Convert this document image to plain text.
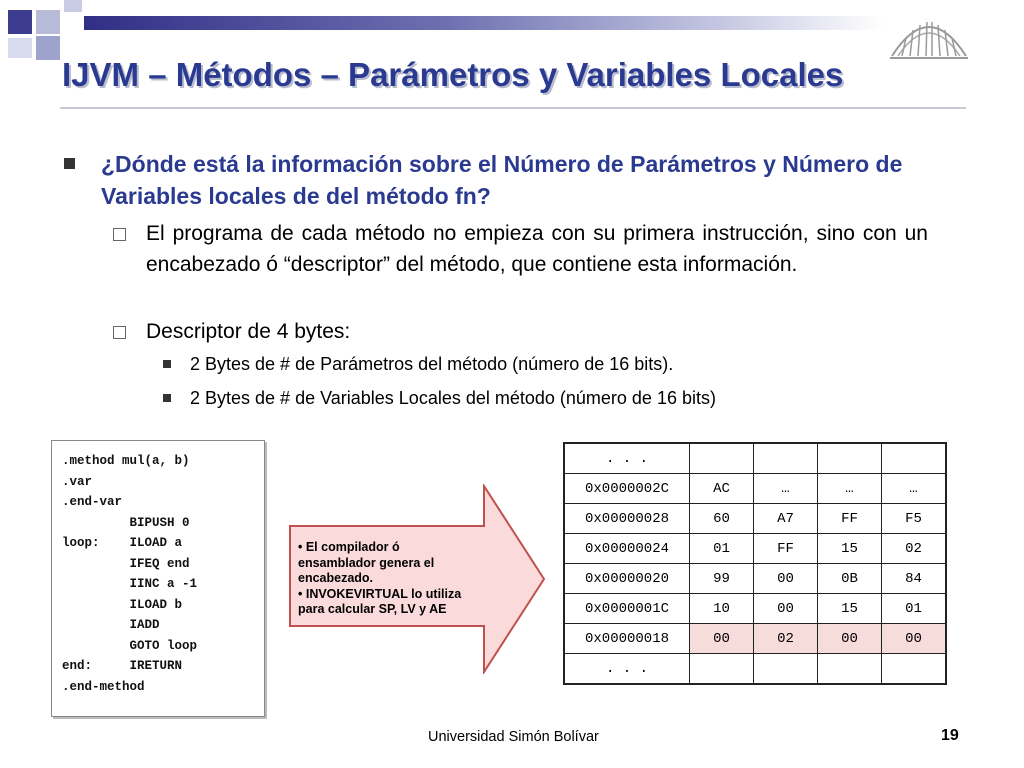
IJVM – Métodos – Parámetros y Variables Locales
¿Dónde está la información sobre el Número de Parámetros y Número de Variables locales de del método fn?
El programa de cada método no empieza con su primera instrucción, sino con un encabezado ó “descriptor” del método, que contiene esta información.
Descriptor de 4 bytes:
2 Bytes de # de Parámetros del método (número de 16 bits).
2 Bytes de # de Variables Locales del método (número de 16 bits)
.method mul(a, b)
.var
.end-var
BIPUSH 0
loop:    ILOAD a
IFEQ end
IINC a -1
ILOAD b
IADD
GOTO loop
end:     IRETURN
.end-method
• El compilador ó ensamblador genera el encabezado.
• INVOKEVIRTUAL lo utiliza para calcular SP, LV y AE
. . .				
0x0000002C	AC	…	…	…
0x00000028	60	A7	FF	F5
0x00000024	01	FF	15	02
0x00000020	99	00	0B	84
0x0000001C	10	00	15	01
0x00000018	00	02	00	00
. . .				
Universidad Simón Bolívar	19
